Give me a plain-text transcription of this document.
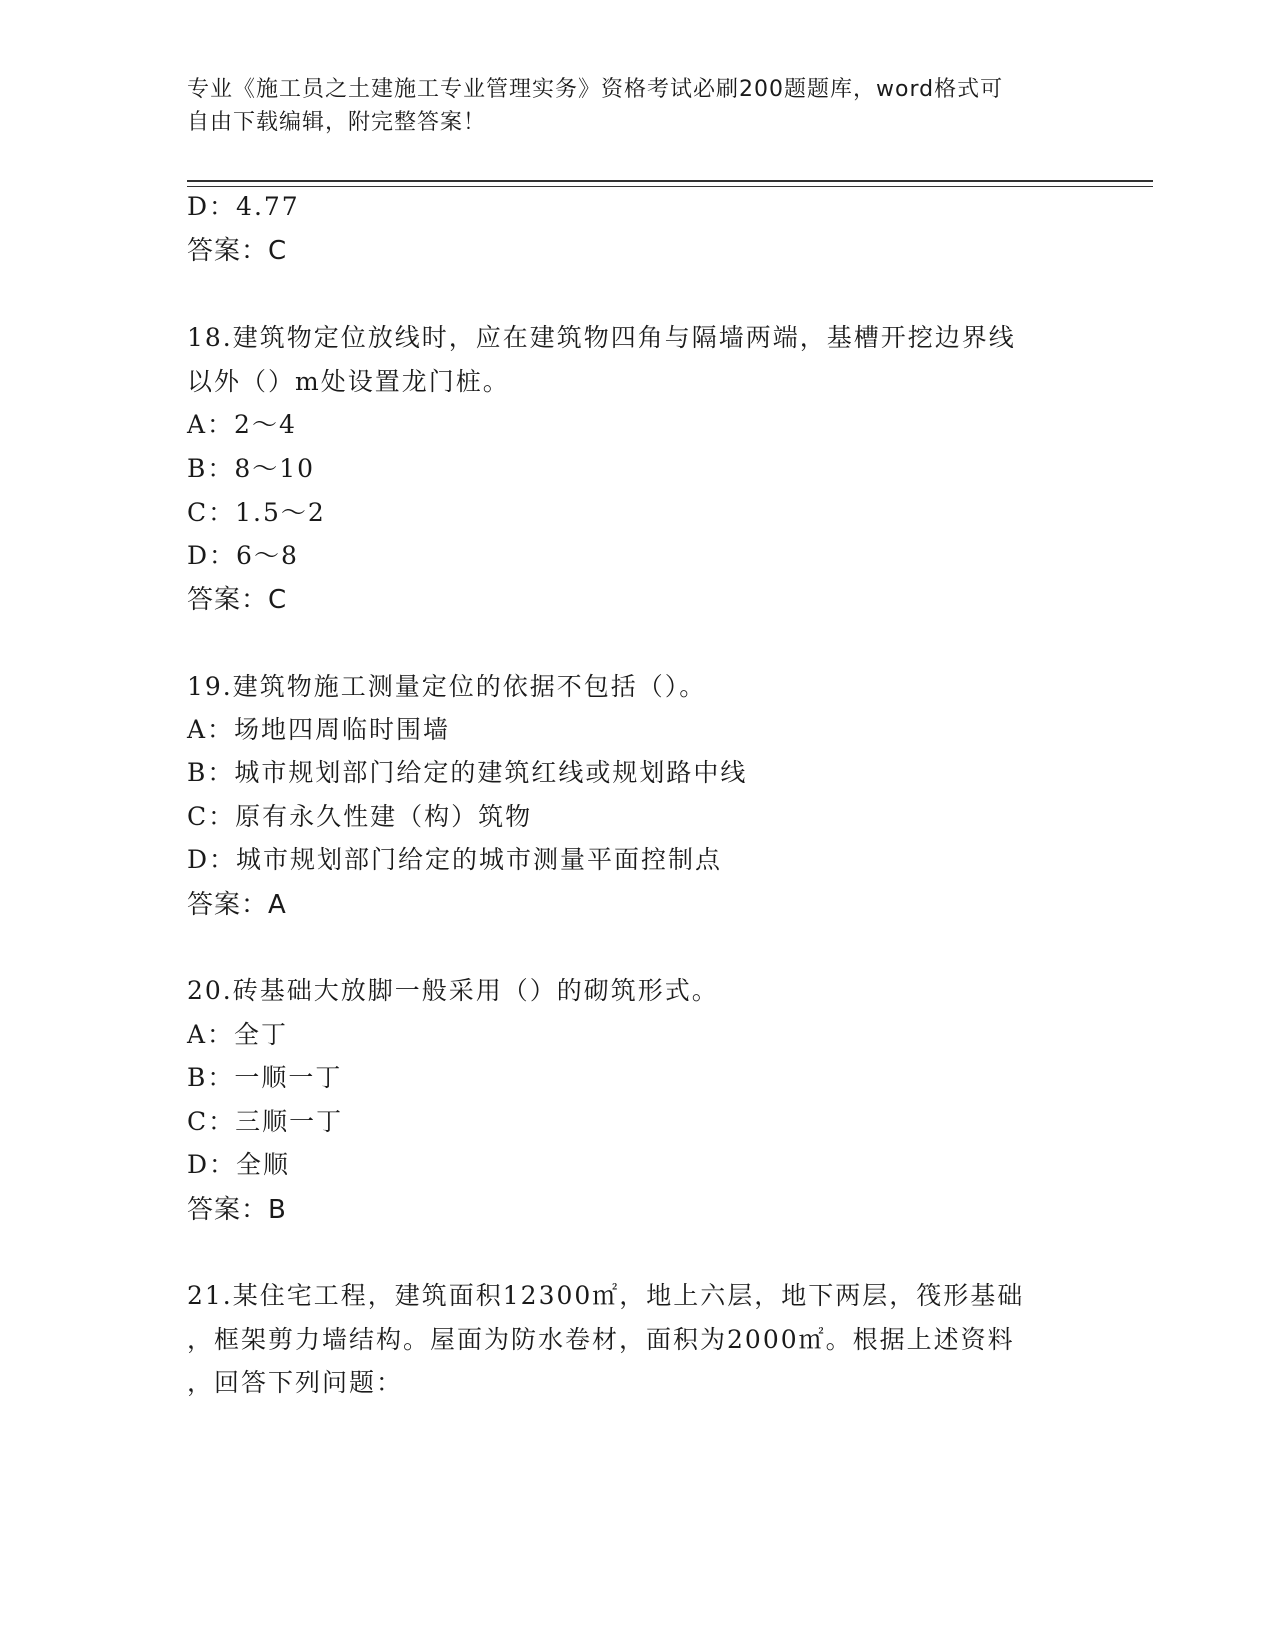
专业《施工员之土建施工专业管理实务》资格考试必刷200题题库，word格式可
自由下载编辑，附完整答案！
D：4.77
答案：C
18.建筑物定位放线时，应在建筑物四角与隔墙两端，基槽开挖边界线
以外（）m处设置龙门桩。
A：2～4
B：8～10
C：1.5～2
D：6～8
答案：C
19.建筑物施工测量定位的依据不包括（）。
A：场地四周临时围墙
B：城市规划部门给定的建筑红线或规划路中线
C：原有永久性建（构）筑物
D：城市规划部门给定的城市测量平面控制点
答案：A
20.砖基础大放脚一般采用（）的砌筑形式。
A：全丁
B：一顺一丁
C：三顺一丁
D：全顺
答案：B
21.某住宅工程，建筑面积12300㎡，地上六层，地下两层，筏形基础
，框架剪力墙结构。屋面为防水卷材，面积为2000㎡。根据上述资料
，回答下列问题：
